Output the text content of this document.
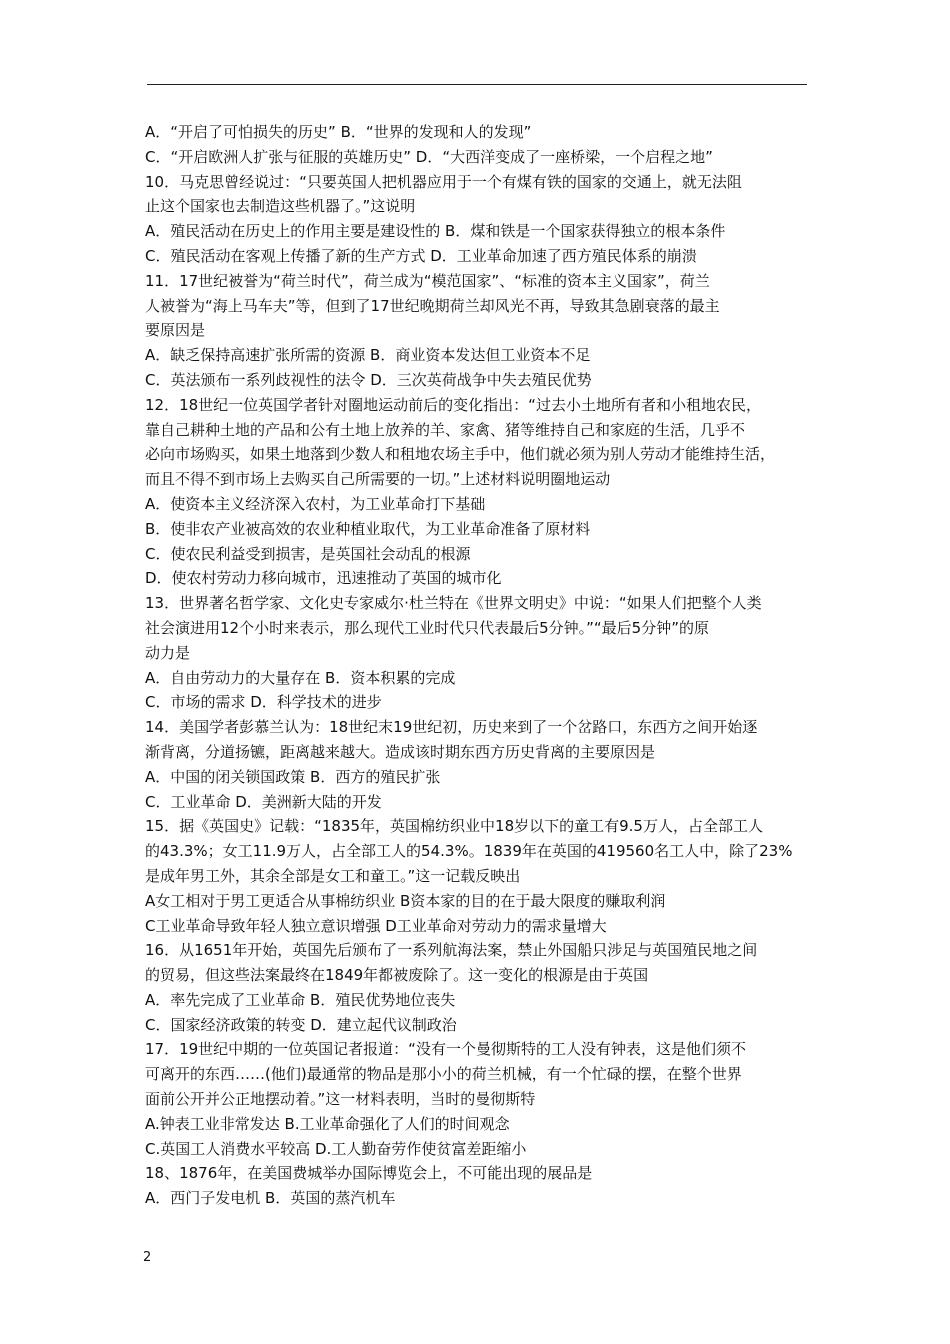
A．“开启了可怕损失的历史” B．“世界的发现和人的发现”
C．“开启欧洲人扩张与征服的英雄历史” D．“大西洋变成了一座桥梁，一个启程之地”
10．马克思曾经说过：“只要英国人把机器应用于一个有煤有铁的国家的交通上，就无法阻
止这个国家也去制造这些机器了。”这说明
A．殖民活动在历史上的作用主要是建设性的 B．煤和铁是一个国家获得独立的根本条件
C．殖民活动在客观上传播了新的生产方式 D．工业革命加速了西方殖民体系的崩溃
11．17世纪被誉为“荷兰时代”，荷兰成为“模范国家”、“标准的资本主义国家”，荷兰
人被誉为“海上马车夫”等，但到了17世纪晚期荷兰却风光不再，导致其急剧衰落的最主
要原因是
A．缺乏保持高速扩张所需的资源 B．商业资本发达但工业资本不足
C．英法颁布一系列歧视性的法令 D．三次英荷战争中失去殖民优势
12．18世纪一位英国学者针对圈地运动前后的变化指出：“过去小土地所有者和小租地农民，
靠自己耕种土地的产品和公有土地上放养的羊、家禽、猪等维持自己和家庭的生活，几乎不
必向市场购买，如果土地落到少数人和租地农场主手中，他们就必须为别人劳动才能维持生活，
而且不得不到市场上去购买自己所需要的一切。”上述材料说明圈地运动
A．使资本主义经济深入农村，为工业革命打下基础
B．使非农产业被高效的农业种植业取代，为工业革命准备了原材料
C．使农民利益受到损害，是英国社会动乱的根源
D．使农村劳动力移向城市，迅速推动了英国的城市化
13．世界著名哲学家、文化史专家威尔·杜兰特在《世界文明史》中说：“如果人们把整个人类
社会演进用12个小时来表示，那么现代工业时代只代表最后5分钟。”“最后5分钟”的原
动力是
A．自由劳动力的大量存在 B．资本积累的完成
C．市场的需求 D．科学技术的进步
14．美国学者彭慕兰认为：18世纪末19世纪初，历史来到了一个岔路口，东西方之间开始逐
渐背离，分道扬镳，距离越来越大。造成该时期东西方历史背离的主要原因是
A．中国的闭关锁国政策 B．西方的殖民扩张
C．工业革命 D．美洲新大陆的开发
15．据《英国史》记载：“1835年，英国棉纺织业中18岁以下的童工有9.5万人，占全部工人
的43.3%；女工11.9万人，占全部工人的54.3%。1839年在英国的419560名工人中，除了23%
是成年男工外，其余全部是女工和童工。”这一记载反映出
A女工相对于男工更适合从事棉纺织业 B资本家的目的在于最大限度的赚取利润
C工业革命导致年轻人独立意识增强 D工业革命对劳动力的需求量增大
16．从1651年开始，英国先后颁布了一系列航海法案，禁止外国船只涉足与英国殖民地之间
的贸易，但这些法案最终在1849年都被废除了。这一变化的根源是由于英国
A．率先完成了工业革命 B．殖民优势地位丧失
C．国家经济政策的转变 D．建立起代议制政治
17．19世纪中期的一位英国记者报道：“没有一个曼彻斯特的工人没有钟表，这是他们须不
可离开的东西……(他们)最通常的物品是那小小的荷兰机械，有一个忙碌的摆，在整个世界
面前公开并公正地摆动着。”这一材料表明，当时的曼彻斯特
A.钟表工业非常发达 B.工业革命强化了人们的时间观念
C.英国工人消费水平较高 D.工人勤奋劳作使贫富差距缩小
18、1876年，在美国费城举办国际博览会上，不可能出现的展品是
A．西门子发电机 B．英国的蒸汽机车
2
